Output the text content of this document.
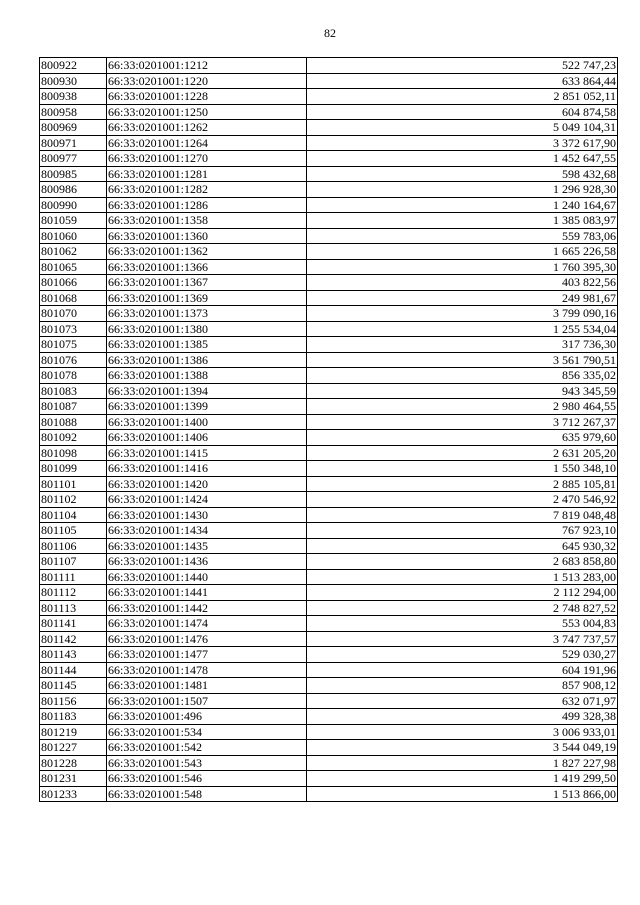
82
800922	66:33:0201001:1212	522 747,23
800930	66:33:0201001:1220	633 864,44
800938	66:33:0201001:1228	2 851 052,11
800958	66:33:0201001:1250	604 874,58
800969	66:33:0201001:1262	5 049 104,31
800971	66:33:0201001:1264	3 372 617,90
800977	66:33:0201001:1270	1 452 647,55
800985	66:33:0201001:1281	598 432,68
800986	66:33:0201001:1282	1 296 928,30
800990	66:33:0201001:1286	1 240 164,67
801059	66:33:0201001:1358	1 385 083,97
801060	66:33:0201001:1360	559 783,06
801062	66:33:0201001:1362	1 665 226,58
801065	66:33:0201001:1366	1 760 395,30
801066	66:33:0201001:1367	403 822,56
801068	66:33:0201001:1369	249 981,67
801070	66:33:0201001:1373	3 799 090,16
801073	66:33:0201001:1380	1 255 534,04
801075	66:33:0201001:1385	317 736,30
801076	66:33:0201001:1386	3 561 790,51
801078	66:33:0201001:1388	856 335,02
801083	66:33:0201001:1394	943 345,59
801087	66:33:0201001:1399	2 980 464,55
801088	66:33:0201001:1400	3 712 267,37
801092	66:33:0201001:1406	635 979,60
801098	66:33:0201001:1415	2 631 205,20
801099	66:33:0201001:1416	1 550 348,10
801101	66:33:0201001:1420	2 885 105,81
801102	66:33:0201001:1424	2 470 546,92
801104	66:33:0201001:1430	7 819 048,48
801105	66:33:0201001:1434	767 923,10
801106	66:33:0201001:1435	645 930,32
801107	66:33:0201001:1436	2 683 858,80
801111	66:33:0201001:1440	1 513 283,00
801112	66:33:0201001:1441	2 112 294,00
801113	66:33:0201001:1442	2 748 827,52
801141	66:33:0201001:1474	553 004,83
801142	66:33:0201001:1476	3 747 737,57
801143	66:33:0201001:1477	529 030,27
801144	66:33:0201001:1478	604 191,96
801145	66:33:0201001:1481	857 908,12
801156	66:33:0201001:1507	632 071,97
801183	66:33:0201001:496	499 328,38
801219	66:33:0201001:534	3 006 933,01
801227	66:33:0201001:542	3 544 049,19
801228	66:33:0201001:543	1 827 227,98
801231	66:33:0201001:546	1 419 299,50
801233	66:33:0201001:548	1 513 866,00
